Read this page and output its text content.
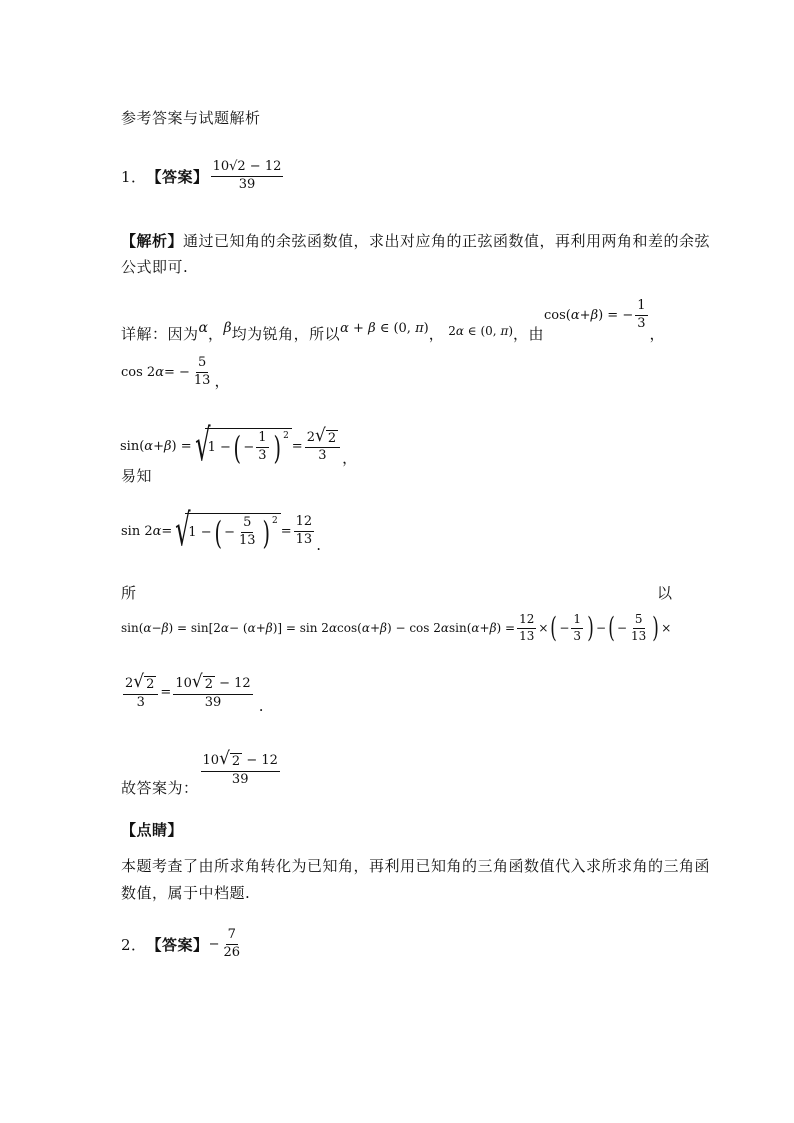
参考答案与试题解析
1． 【答案】 $\frac{10√2 - 12}{39}$
【解析】通过已知角的余弦函数值，求出对应角的正弦函数值，再利用两角和差的余弦
公式即可.
详解：因为 α ， β 均为锐角，所以 α + β ∈ (0, π) ， 2α ∈ (0, π) ，由
cos( α + β ) = − $\frac{1}{3}$
，
cos 2 α = − $\frac{5}{13}$ ，
易知
sin( α + β ) = √
1 − ( − $\frac{1}{3}$ ) 2
= $\frac{2 √ 2}{3}$ ，
sin 2 α = √
1 − ( − $\frac{5}{13}$ ) 2
= $\frac{12}{13}$ .
所	以
sin( α − β ) = sin[2 α − ( α + β )] = sin 2 α cos( α + β ) − cos 2 α sin( α + β ) = $\frac{12}{13}$ × ( − $\frac{1}{3}$ ) − ( − $\frac{5}{13}$ ) ×
$\frac{2 √ 2}{3} = \frac{10 √ 2 - 12}{39}$ .
故答案为： $\frac{10 √ 2 - 12}{39}$
【点睛】
本题考查了由所求角转化为已知角，再利用已知角的三角函数值代入求所求角的三角函
数值，属于中档题.
2． 【答案】 − $\frac{7}{26}$
